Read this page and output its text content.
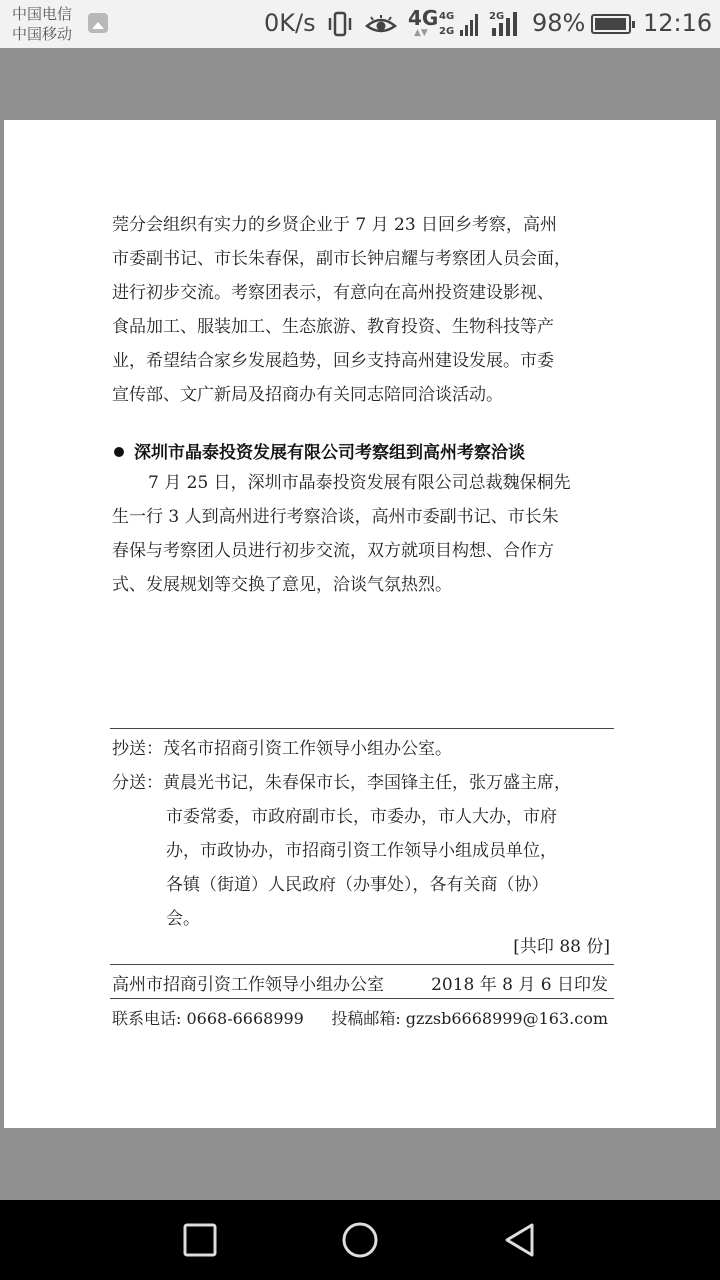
中国电信
中国移动	0K/s	4G
▲▼
4G
2G
2G 98% 12:16
莞分会组织有实力的乡贤企业于 7 月 23 日回乡考察，高州
市委副书记、市长朱春保，副市长钟启耀与考察团人员会面，
进行初步交流。考察团表示，有意向在高州投资建设影视、
食品加工、服装加工、生态旅游、教育投资、生物科技等产
业，希望结合家乡发展趋势，回乡支持高州建设发展。市委
宣传部、文广新局及招商办有关同志陪同洽谈活动。
深圳市晶泰投资发展有限公司考察组到高州考察洽谈
7 月 25 日，深圳市晶泰投资发展有限公司总裁魏保桐先
生一行 3 人到高州进行考察洽谈，高州市委副书记、市长朱
春保与考察团人员进行初步交流，双方就项目构想、合作方
式、发展规划等交换了意见，洽谈气氛热烈。
抄送：茂名市招商引资工作领导小组办公室。
分送：黄晨光书记，朱春保市长，李国锋主任，张万盛主席，
市委常委，市政府副市长，市委办，市人大办，市府
办，市政协办，市招商引资工作领导小组成员单位，
各镇（街道）人民政府（办事处），各有关商（协）
会。
[共印 88 份]
高州市招商引资工作领导小组办公室	2018 年 8 月 6 日印发
联系电话: 0668-6668999 投稿邮箱: gzzsb6668999@163.com
